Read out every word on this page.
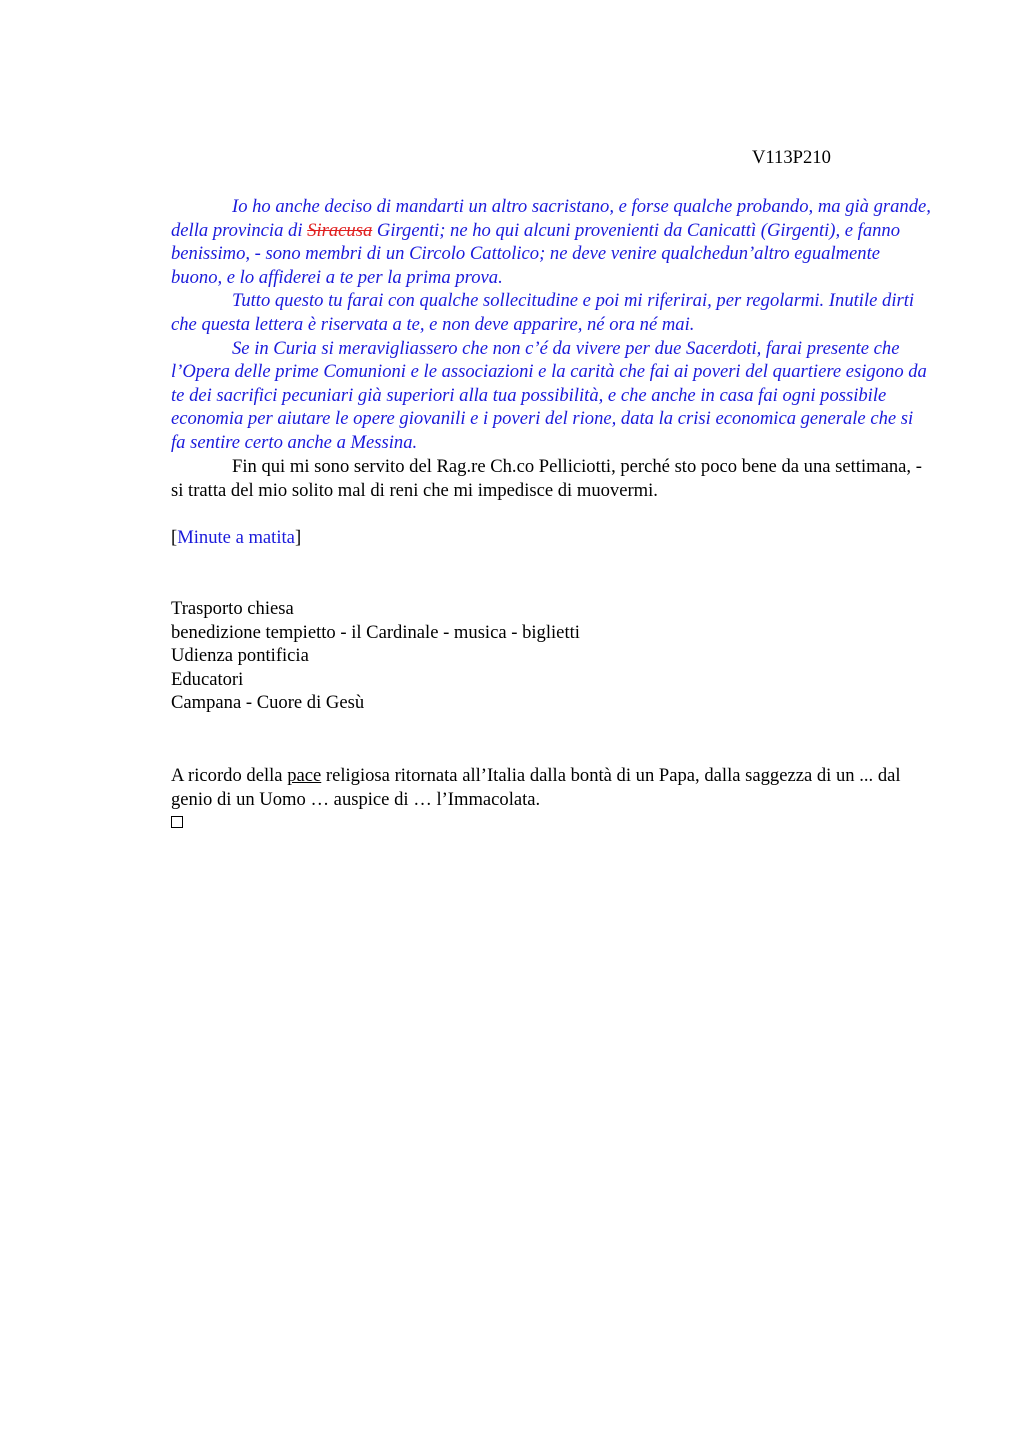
V113P210

Io ho anche deciso di mandarti un altro sacristano, e forse qualche probando, ma già grande, della provincia di Siracusa Girgenti; ne ho qui alcuni provenienti da Canicattì (Girgenti), e fanno benissimo, - sono membri di un Circolo Cattolico; ne deve venire qualchedun’altro egualmente buono, e lo affiderei a te per la prima prova.

Tutto questo tu farai con qualche sollecitudine e poi mi riferirai, per regolarmi. Inutile dirti che questa lettera è riservata a te, e non deve apparire, né ora né mai.

Se in Curia si meravigliassero che non c’é da vivere per due Sacerdoti, farai presente che l’Opera delle prime Comunioni e le associazioni e la carità che fai ai poveri del quartiere esigono da te dei sacrifici pecuniari già superiori alla tua possibilità, e che anche in casa fai ogni possibile economia per aiutare le opere giovanili e i poveri del rione, data la crisi economica generale che si fa sentire certo anche a Messina.

Fin qui mi sono servito del Rag.re Ch.co Pelliciotti, perché sto poco bene da una settimana, - si tratta del mio solito mal di reni che mi impedisce di muovermi.

[Minute a matita]

Trasporto chiesa

benedizione tempietto - il Cardinale - musica - biglietti

Udienza pontificia

Educatori

Campana - Cuore di Gesù

A ricordo della pace religiosa ritornata all’Italia dalla bontà di un Papa, dalla saggezza di un ... dal genio di un Uomo … auspice di … l’Immacolata.
